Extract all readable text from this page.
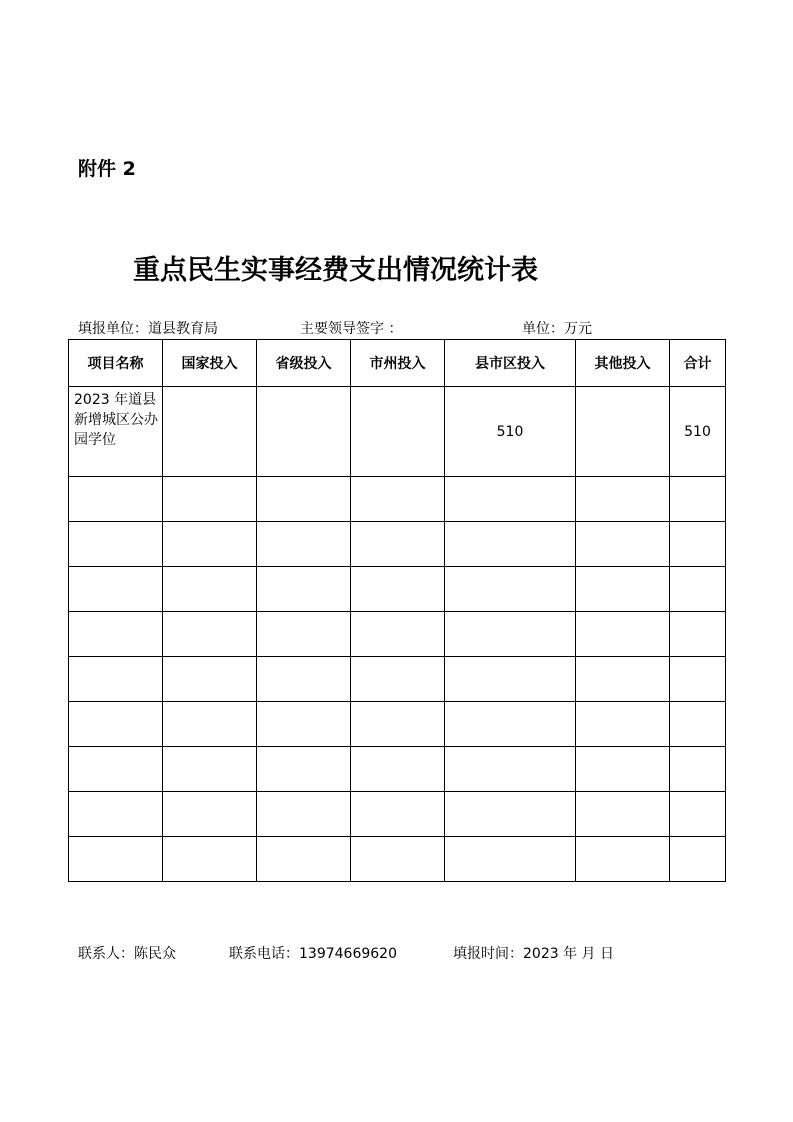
附件 2
重点民生实事经费支出情况统计表
填报单位：道县教育局	主要领导签字 ：	单位：万元
项目名称	国家投入	省级投入	市州投入	县市区投入	其他投入	合计
2023 年道县新增城区公办园学位				510		510

联系人：陈民众	联系电话：13974669620	填报时间：2023 年 月 日
